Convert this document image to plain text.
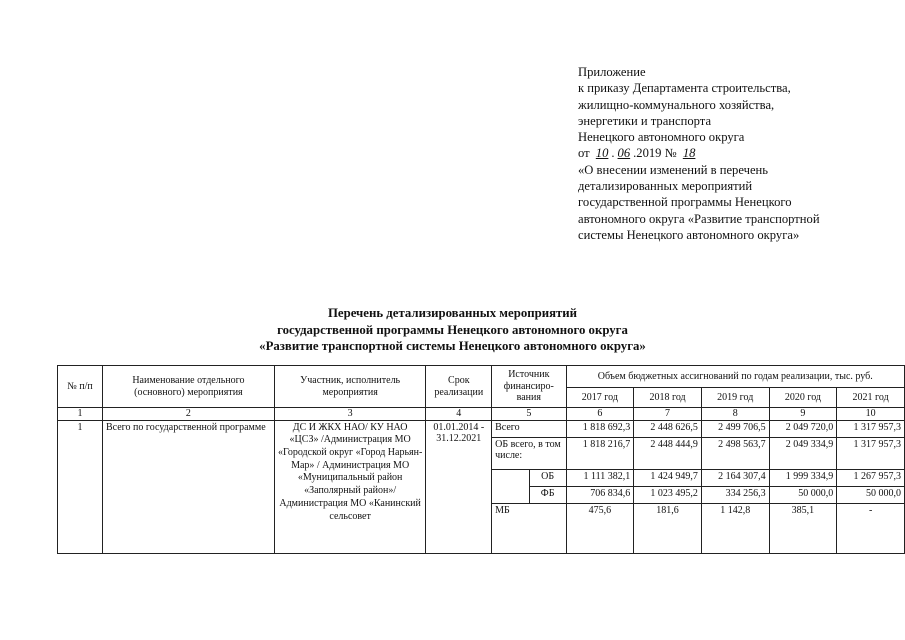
Приложение
к приказу Департамента строительства,
жилищно-коммунального хозяйства,
энергетики и транспорта
Ненецкого автономного округа
от 10 . 06 .2019 № 18
«О внесении изменений в перечень
детализированных мероприятий
государственной программы Ненецкого
автономного округа «Развитие транспортной
системы Ненецкого автономного округа»
Перечень детализированных мероприятий
государственной программы Ненецкого автономного округа
«Развитие транспортной системы Ненецкого автономного округа»
№ п/п	Наименование отдельного (основного) мероприятия	Участник, исполнитель мероприятия	Срок реализации	Источник финансиро-вания		Объем бюджетных ассигнований по годам реализации, тыс. руб.				
						2017 год	2018 год	2019 год	2020 год	2021 год
1	2	3	4	5		6	7	8	9	10
1	Всего по государственной программе	ДС И ЖКХ НАО/ КУ НАО «ЦСЗ» /Администрация МО «Городской округ «Город Нарьян-Мар» / Администрация МО «Муниципальный район «Заполярный район»/ Администрация МО «Канинский сельсовет	01.01.2014 - 31.12.2021	Всего		1 818 692,3	2 448 626,5	2 499 706,5	2 049 720,0	1 317 957,3
				ОБ всего, в том числе:		1 818 216,7	2 448 444,9	2 498 563,7	2 049 334,9	1 317 957,3
					ОБ	1 111 382,1	1 424 949,7	2 164 307,4	1 999 334,9	1 267 957,3
					ФБ	706 834,6	1 023 495,2	334 256,3	50 000,0	50 000,0
				МБ		475,6	181,6	1 142,8	385,1	-
